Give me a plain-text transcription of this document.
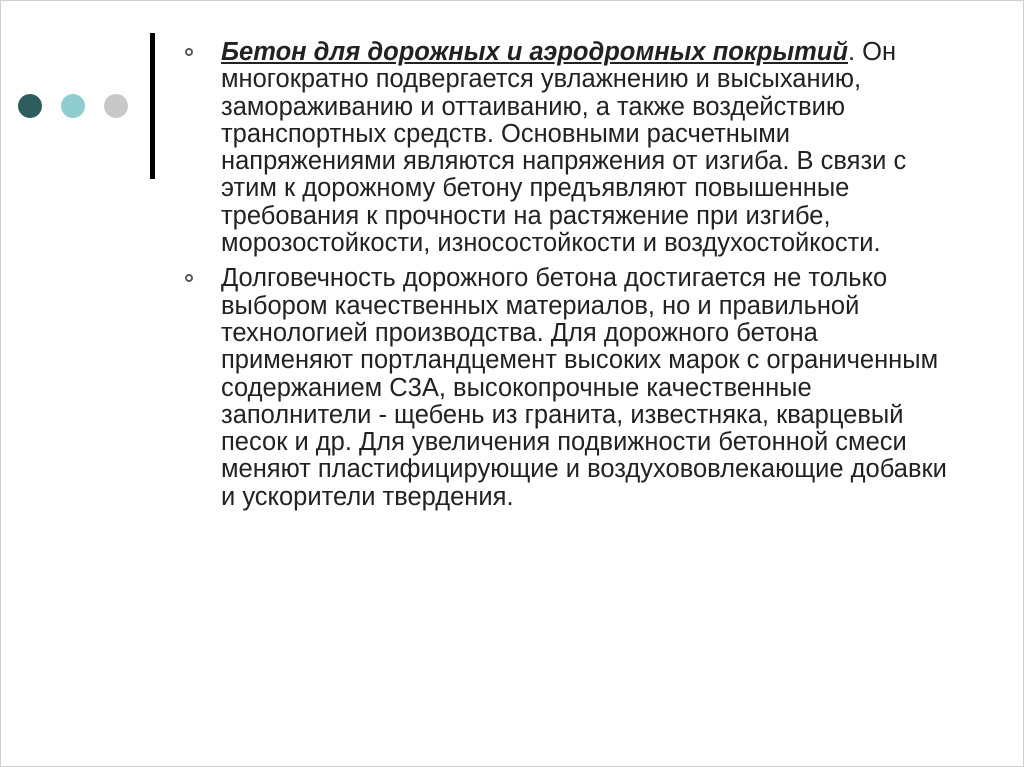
Бетон для дорожных и аэродромных покрытий. Он многократно подвергается увлажнению и высыханию, замораживанию и оттаиванию, а также воздействию транспортных средств. Основными расчетными напряжениями являются напряжения от изгиба. В связи с этим к дорожному бетону предъявляют повышенные требования к прочности на растяжение при изгибе, морозостойкости, износостойкости и воздухостойкости.
Долговечность дорожного бетона достигается не только выбором качественных материалов, но и правильной технологией производства. Для дорожного бетона применяют портландцемент высоких марок с ограниченным содержанием С3А, высокопрочные качественные заполнители - щебень из гранита, известняка, кварцевый песок и др. Для увеличения подвижности бетонной смеси меняют пластифицирующие и воздухововлекающие добавки и ускорители твердения.
